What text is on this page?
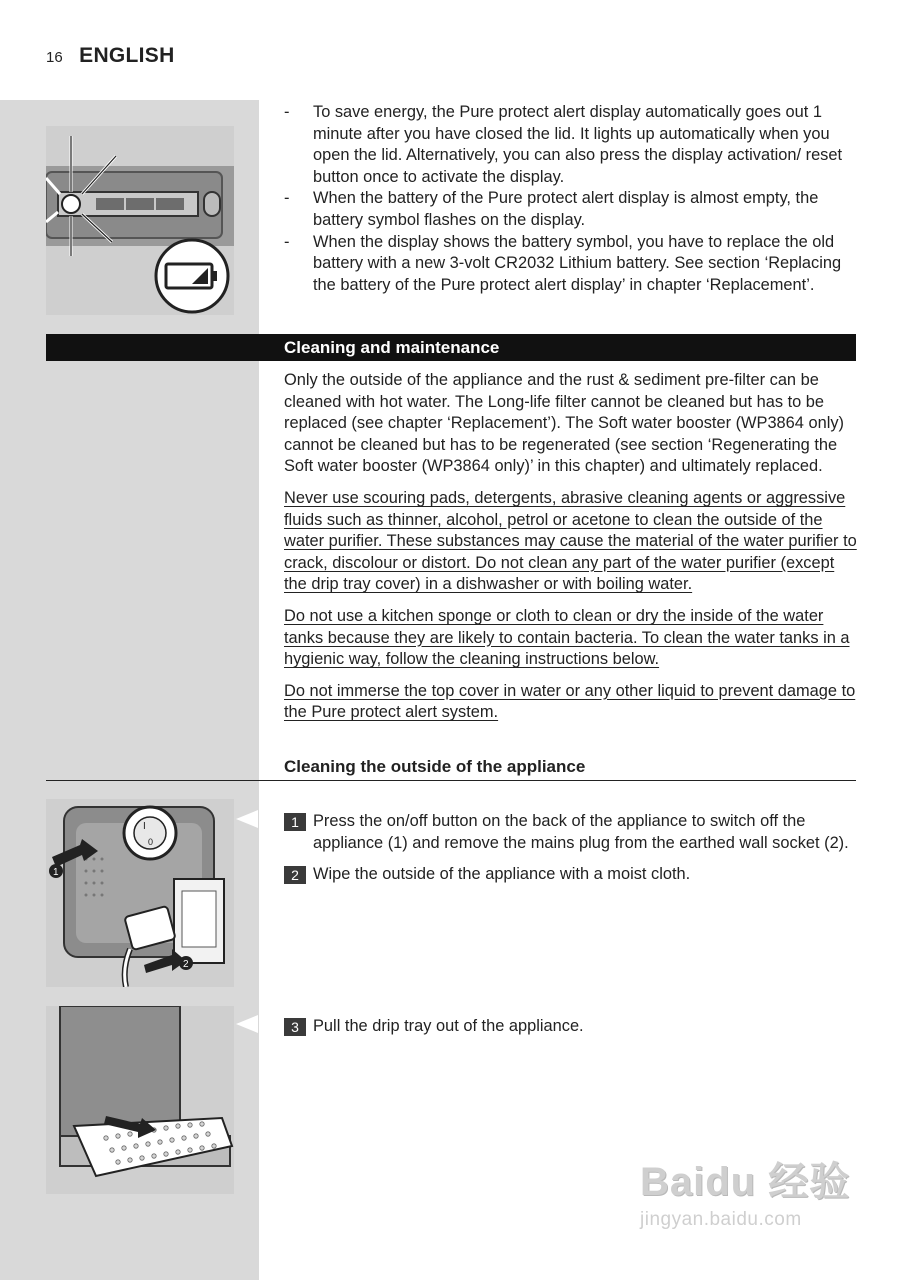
16 ENGLISH
- To save energy, the Pure protect alert display automatically goes out 1 minute after you have closed the lid. It lights up automatically when you open the lid. Alternatively, you can also press the display activation/ reset button once to activate the display.
- When the battery of the Pure protect alert display is almost empty, the battery symbol flashes on the display.
- When the display shows the battery symbol, you have to replace the old battery with a new 3-volt CR2032 Lithium battery. See section ‘Replacing the battery of the Pure protect alert display’ in chapter ‘Replacement’.
Cleaning and maintenance

Only the outside of the appliance and the rust & sediment pre-filter can be cleaned with hot water. The Long-life filter cannot be cleaned but has to be replaced (see chapter ‘Replacement’). The Soft water booster (WP3864 only) cannot be cleaned but has to be regenerated (see section ‘Regenerating the Soft water booster (WP3864 only)’ in this chapter) and ultimately replaced.

Never use scouring pads, detergents, abrasive cleaning agents or aggressive fluids such as thinner, alcohol, petrol or acetone to clean the outside of the water purifier. These substances may cause the material of the water purifier to crack, discolour or distort. Do not clean any part of the water purifier (except the drip tray cover) in a dishwasher or with boiling water.

Do not use a kitchen sponge or cloth to clean or dry the inside of the water tanks because they are likely to contain bacteria. To clean the water tanks in a hygienic way, follow the cleaning instructions below.

Do not immerse the top cover in water or any other liquid to prevent damage to the Pure protect alert system.

Cleaning the outside of the appliance
I
0
1
2
1 Press the on/off button on the back of the appliance to switch off the appliance (1) and remove the mains plug from the earthed wall socket (2).
2 Wipe the outside of the appliance with a moist cloth.
3 Pull the drip tray out of the appliance.
Baidu 经验
jingyan.baidu.com
